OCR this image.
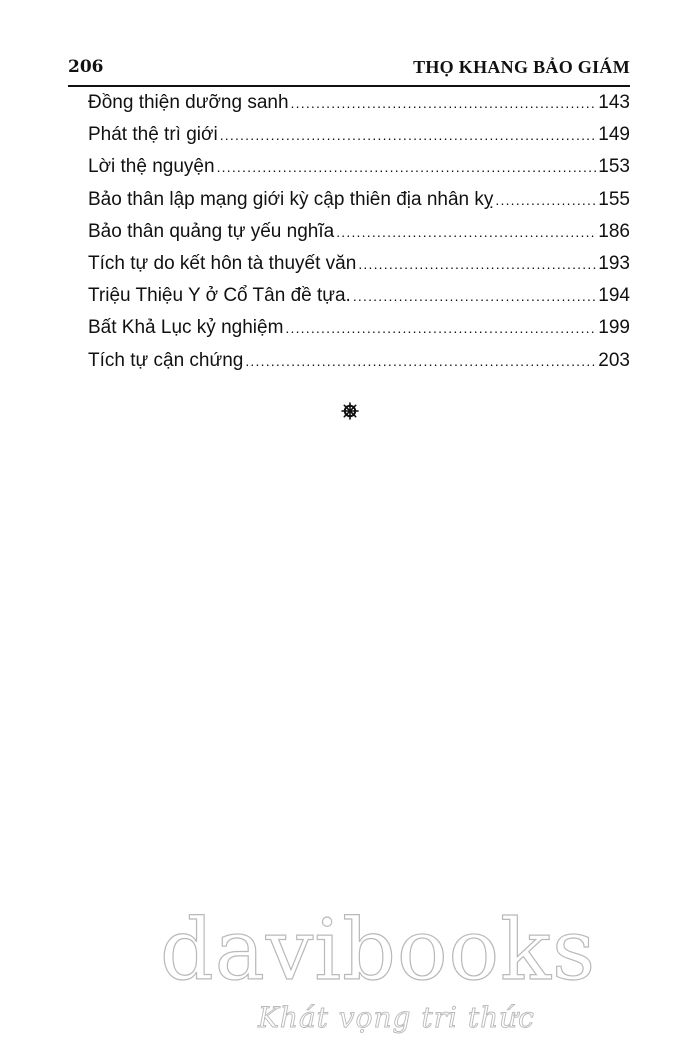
206	THỌ KHANG BẢO GIÁM
Đồng thiện dưỡng sanh .....	143
Phát thệ trì giới .....	149
Lời thệ nguyện .....	153
Bảo thân lập mạng giới kỳ cập thiên địa nhân kỵ .....	155
Bảo thân quảng tự yếu nghĩa .....	186
Tích tự do kết hôn tà thuyết văn .....	193
Triệu Thiệu Y ở Cổ Tân đề tựa. .....	194
Bất Khả Lục kỷ nghiệm .....	199
Tích tự cận chứng .....	203
davibooks
Khát vọng tri thức
